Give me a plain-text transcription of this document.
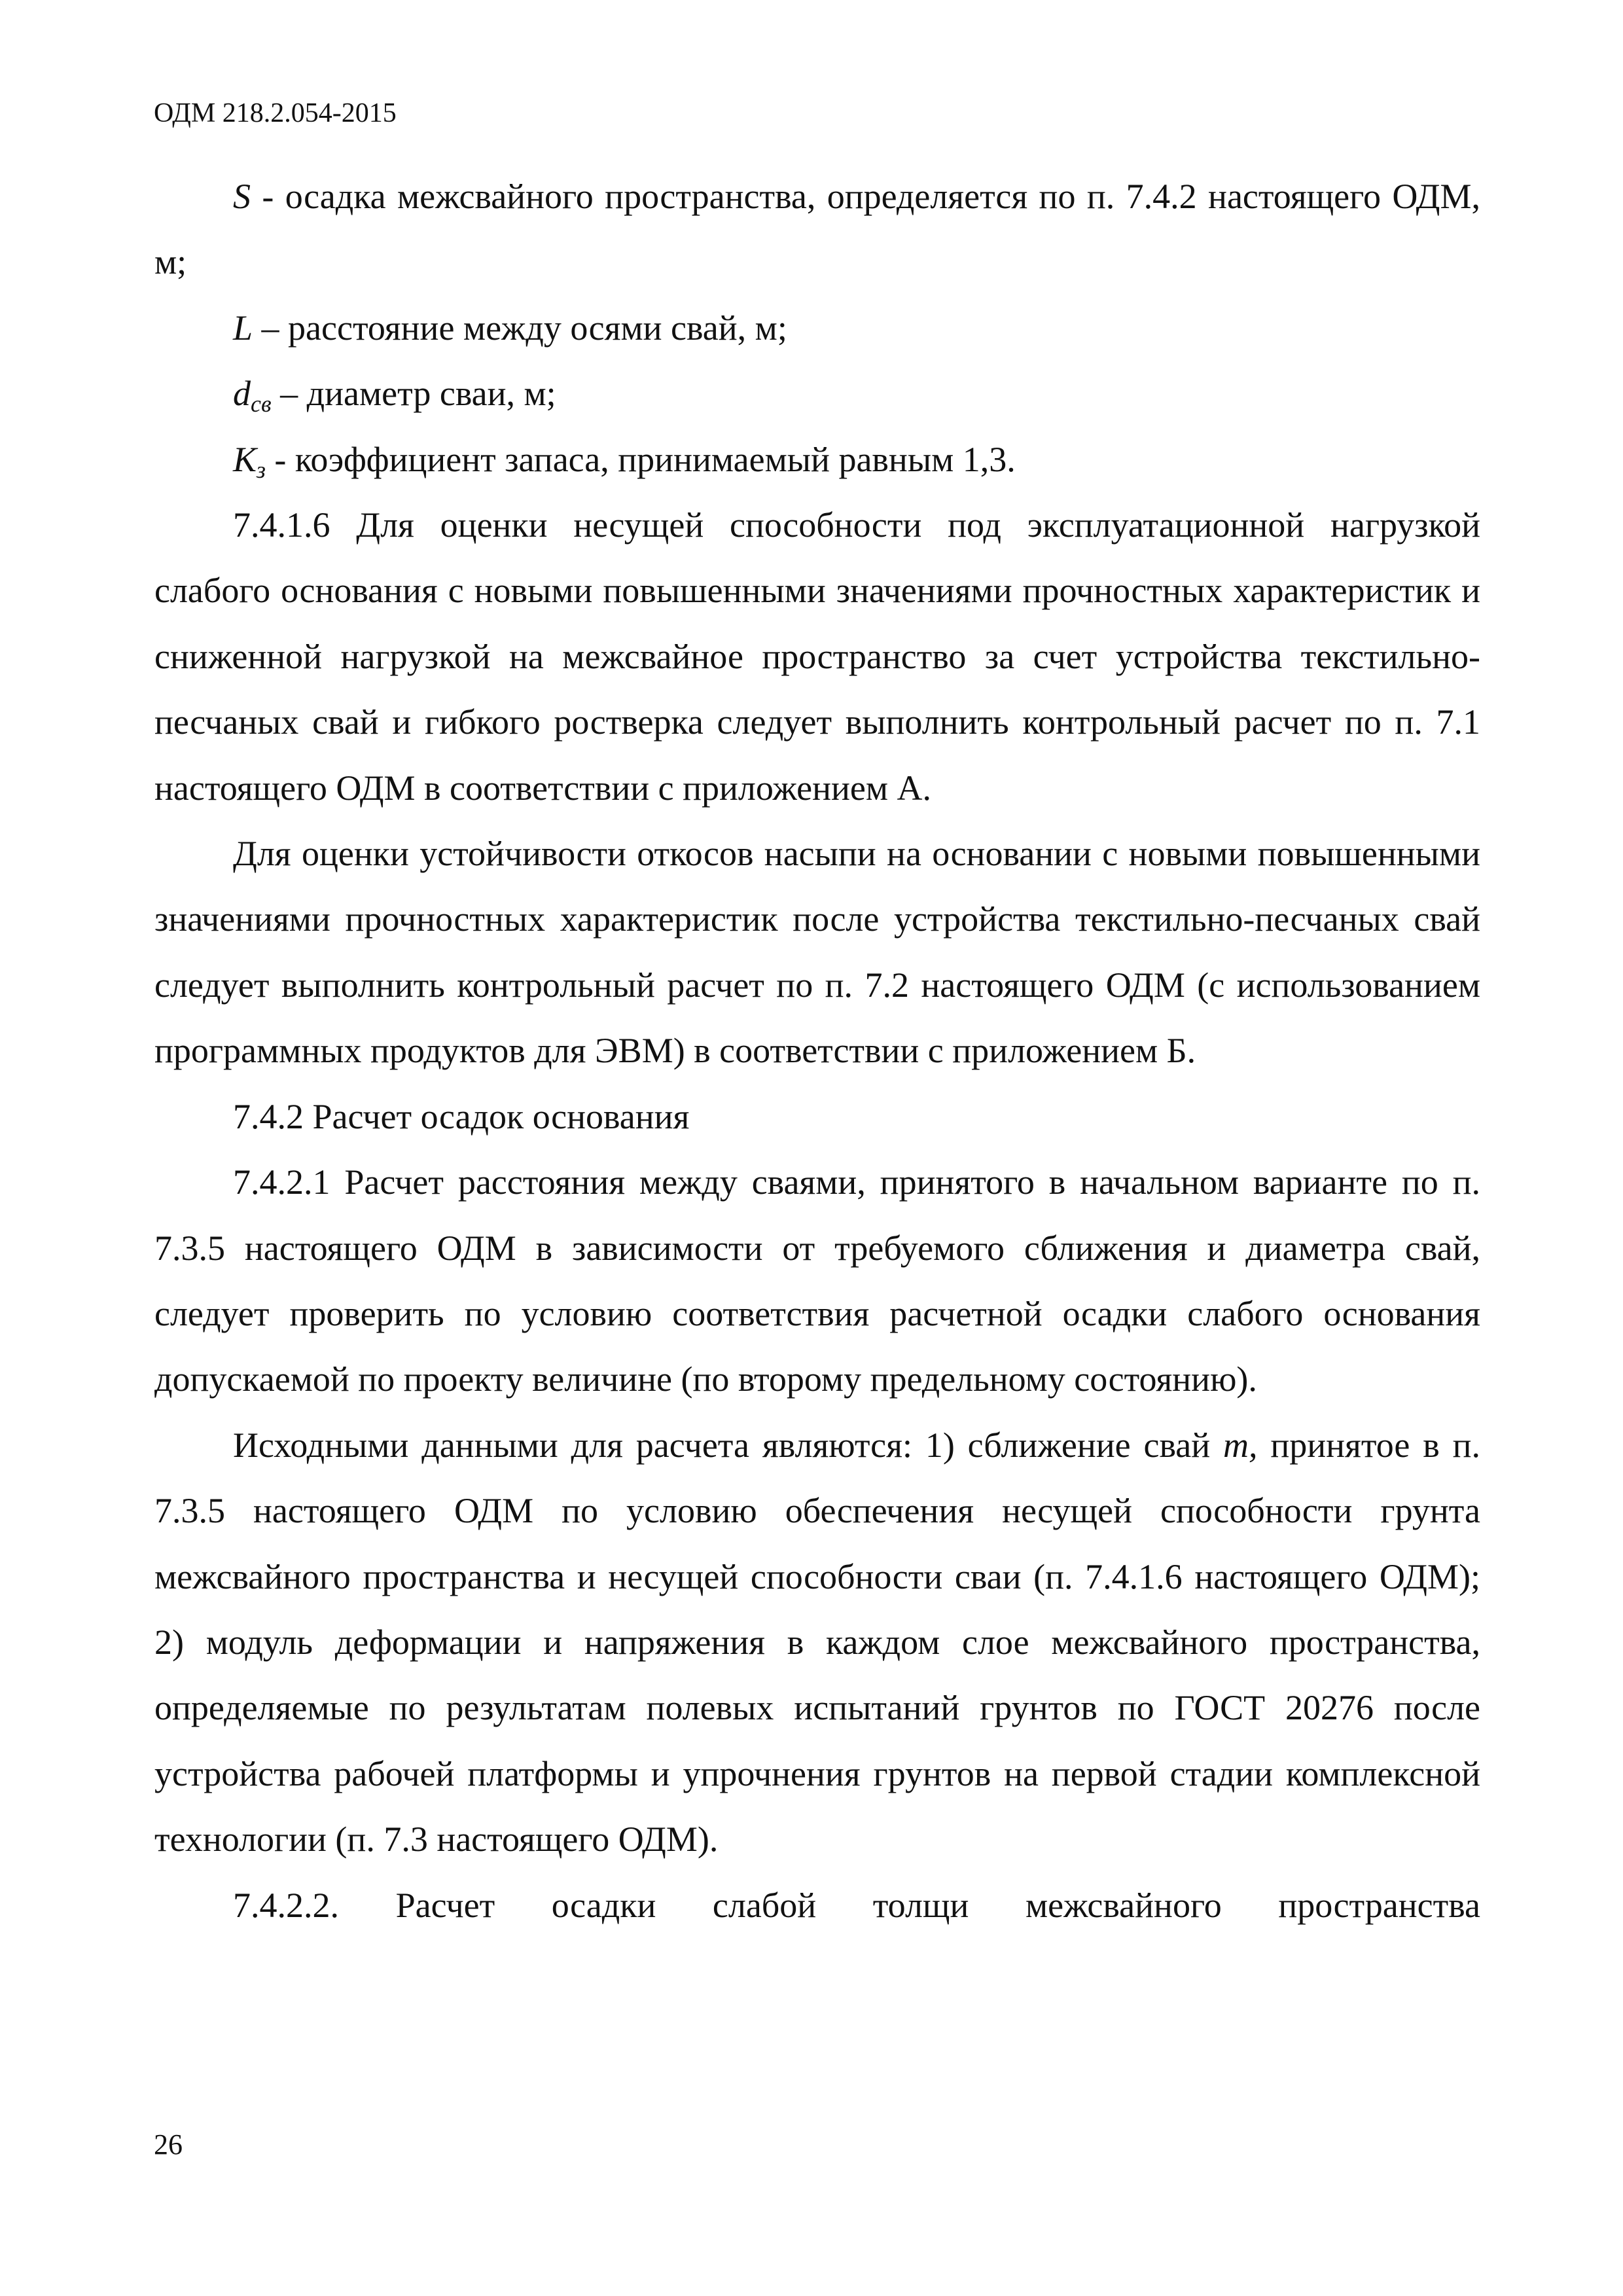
ОДМ 218.2.054-2015

S - осадка межсвайного пространства, определяется по п. 7.4.2 настоящего ОДМ, м;

L – расстояние между осями свай, м;

$d_{св}$ – диаметр сваи, м;

$К_з$ - коэффициент запаса, принимаемый равным 1,3.

7.4.1.6 Для оценки несущей способности под эксплуатационной нагрузкой слабого основания с новыми повышенными значениями прочностных характеристик и сниженной нагрузкой на межсвайное пространство за счет устройства текстильно-песчаных свай и гибкого ростверка следует выполнить контрольный расчет по п. 7.1 настоящего ОДМ в соответствии с приложением А.

Для оценки устойчивости откосов насыпи на основании с новыми повышенными значениями прочностных характеристик после устройства текстильно-песчаных свай следует выполнить контрольный расчет по п. 7.2 настоящего ОДМ (с использованием программных продуктов для ЭВМ) в соответствии с приложением Б.

7.4.2 Расчет осадок основания

7.4.2.1 Расчет расстояния между сваями, принятого в начальном варианте по п. 7.3.5 настоящего ОДМ в зависимости от требуемого сближения и диаметра свай, следует проверить по условию соответствия расчетной осадки слабого основания допускаемой по проекту величине (по второму предельному состоянию).

Исходными данными для расчета являются: 1) сближение свай m, принятое в п. 7.3.5 настоящего ОДМ по условию обеспечения несущей способности грунта межсвайного пространства и несущей способности сваи (п. 7.4.1.6 настоящего ОДМ); 2) модуль деформации и напряжения в каждом слое межсвайного пространства, определяемые по результатам полевых испытаний грунтов по ГОСТ 20276 после устройства рабочей платформы и упрочнения грунтов на первой стадии комплексной технологии (п. 7.3 настоящего ОДМ).

7.4.2.2. Расчет осадки слабой толщи межсвайного пространства

26
